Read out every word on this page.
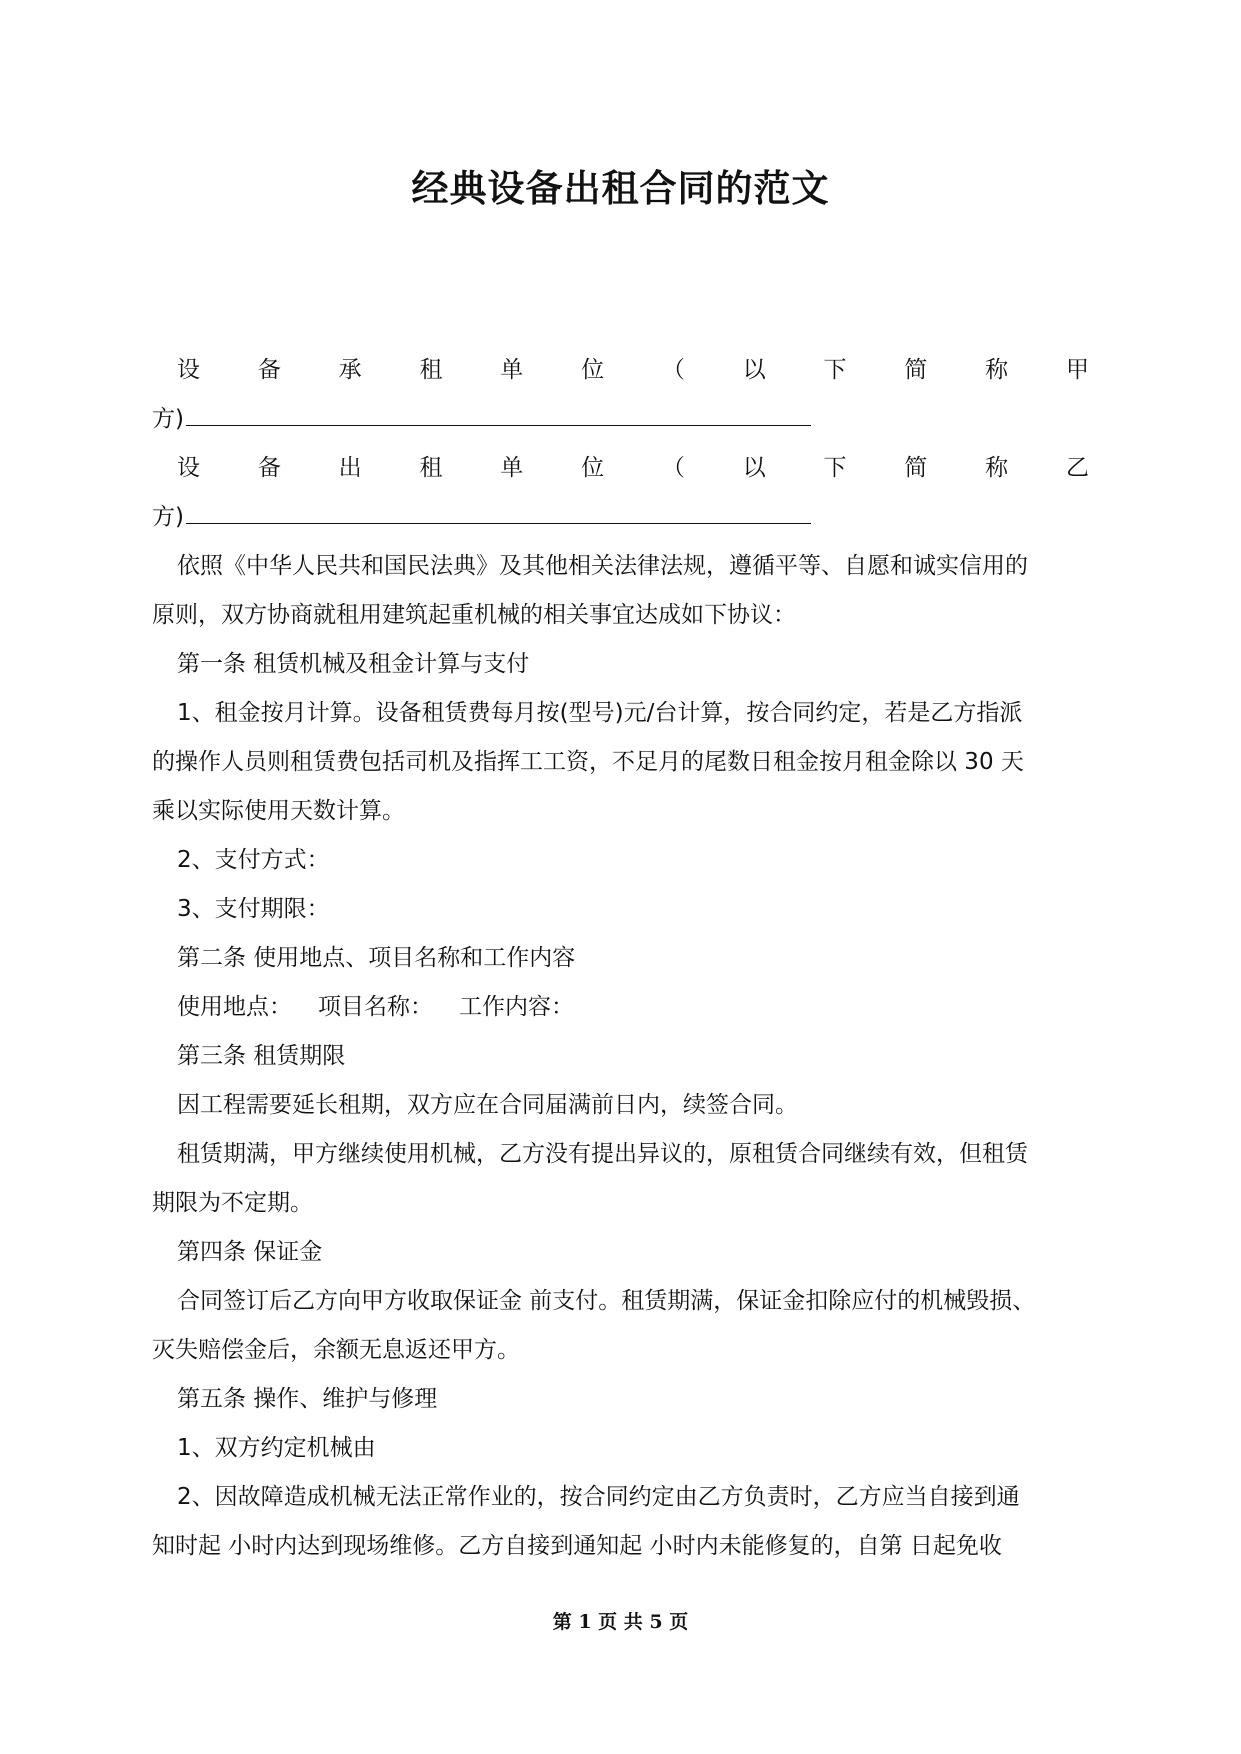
经典设备出租合同的范文
设	备	承	租	单	位	（	以	下	简	称	甲
方)
设	备	出	租	单	位	（	以	下	简	称	乙
方)
依照《中华人民共和国民法典》及其他相关法律法规，遵循平等、自愿和诚实信用的
原则，双方协商就租用建筑起重机械的相关事宜达成如下协议：
第一条 租赁机械及租金计算与支付
1、租金按月计算。设备租赁费每月按(型号)元/台计算，按合同约定，若是乙方指派
的操作人员则租赁费包括司机及指挥工工资，不足月的尾数日租金按月租金除以 30 天
乘以实际使用天数计算。
2、支付方式：
3、支付期限：
第二条 使用地点、项目名称和工作内容
使用地点： 项目名称： 工作内容：
第三条 租赁期限
因工程需要延长租期，双方应在合同届满前日内，续签合同。
租赁期满，甲方继续使用机械，乙方没有提出异议的，原租赁合同继续有效，但租赁
期限为不定期。
第四条 保证金
合同签订后乙方向甲方收取保证金 前支付。租赁期满，保证金扣除应付的机械毁损、
灭失赔偿金后，余额无息返还甲方。
第五条 操作、维护与修理
1、双方约定机械由
2、因故障造成机械无法正常作业的，按合同约定由乙方负责时，乙方应当自接到通
知时起 小时内达到现场维修。乙方自接到通知起 小时内未能修复的，自第 日起免收
第 1 页 共 5 页
